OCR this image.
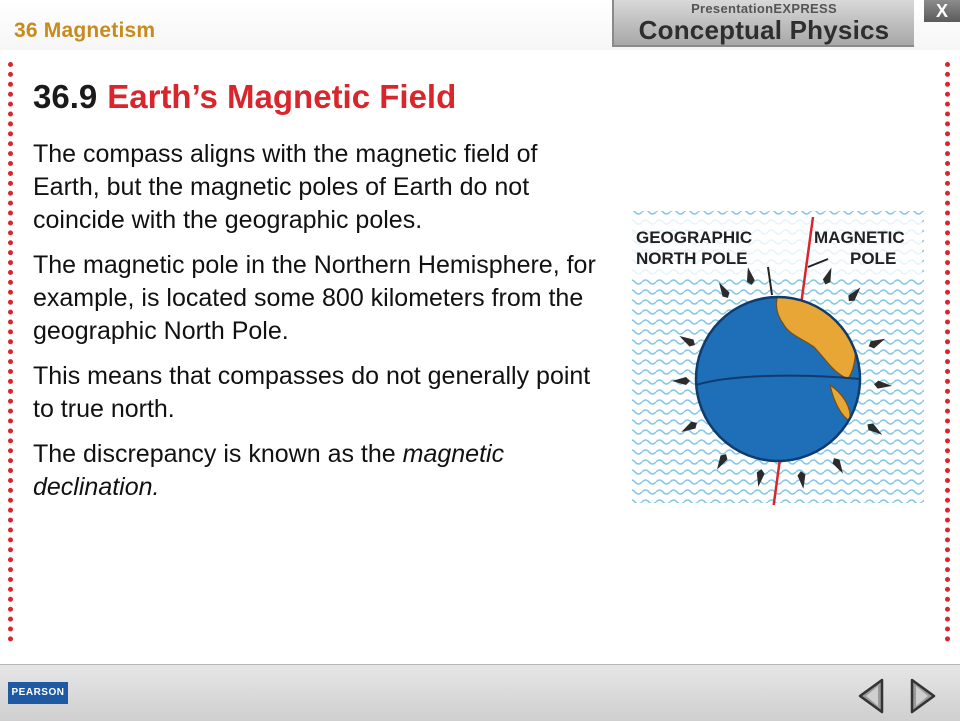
36 Magnetism
PresentationEXPRESS
Conceptual Physics
X
36.9 Earth’s Magnetic Field

The compass aligns with the magnetic field of Earth, but the magnetic poles of Earth do not coincide with the geographic poles.

The magnetic pole in the Northern Hemisphere, for example, is located some 800 kilometers from the geographic North Pole.

This means that compasses do not generally point to true north.

The discrepancy is known as the magnetic declination.

GEOGRAPHIC
NORTH POLE
MAGNETIC
POLE
PEARSON
